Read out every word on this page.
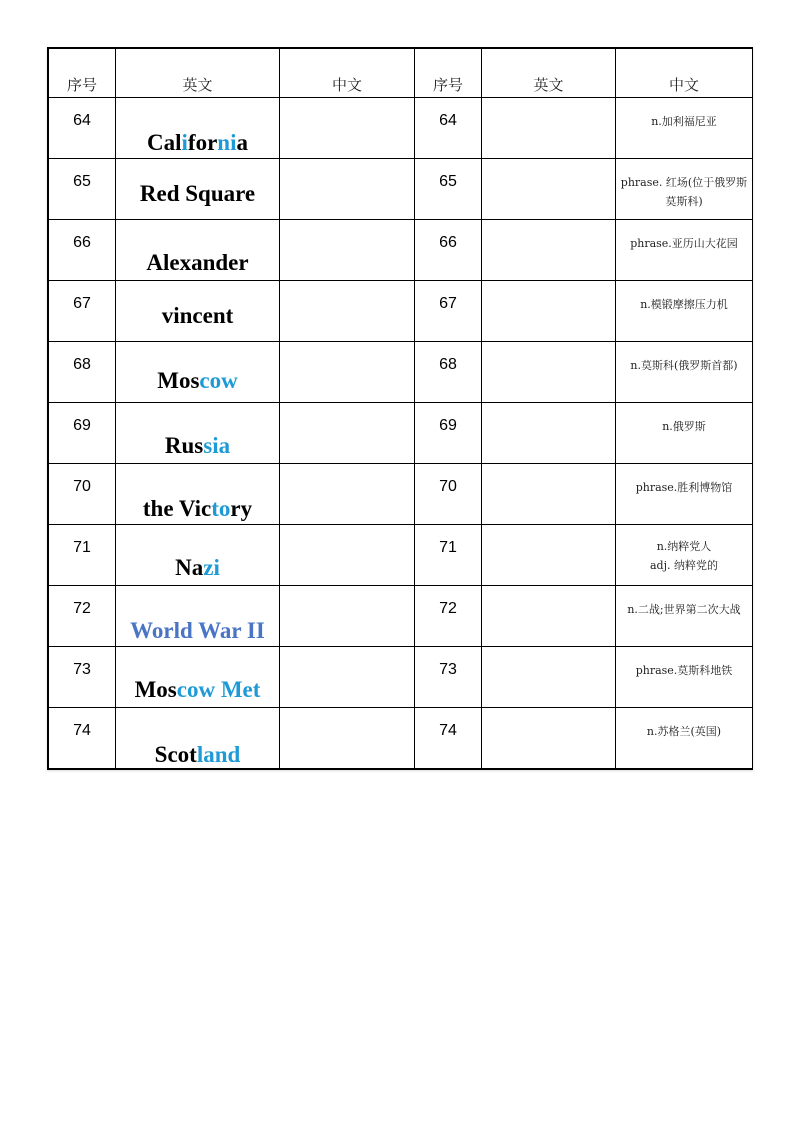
序号	英文	中文	序号	英文	中文
64	California		64		n.加利福尼亚
65	Red Square		65		phrase. 红场(位于俄罗斯莫斯科)
66	Alexander		66		phrase.亚历山大花园
67	vincent		67		n.模锻摩擦压力机
68	Moscow		68		n.莫斯科(俄罗斯首都)
69	Russia		69		n.俄罗斯
70	the Victory		70		phrase.胜利博物馆
71	Nazi		71		n.纳粹党人
adj. 纳粹党的
72	World War II		72		n.二战;世界第二次大战
73	Moscow Met		73		phrase.莫斯科地铁
74	Scotland		74		n.苏格兰(英国)
